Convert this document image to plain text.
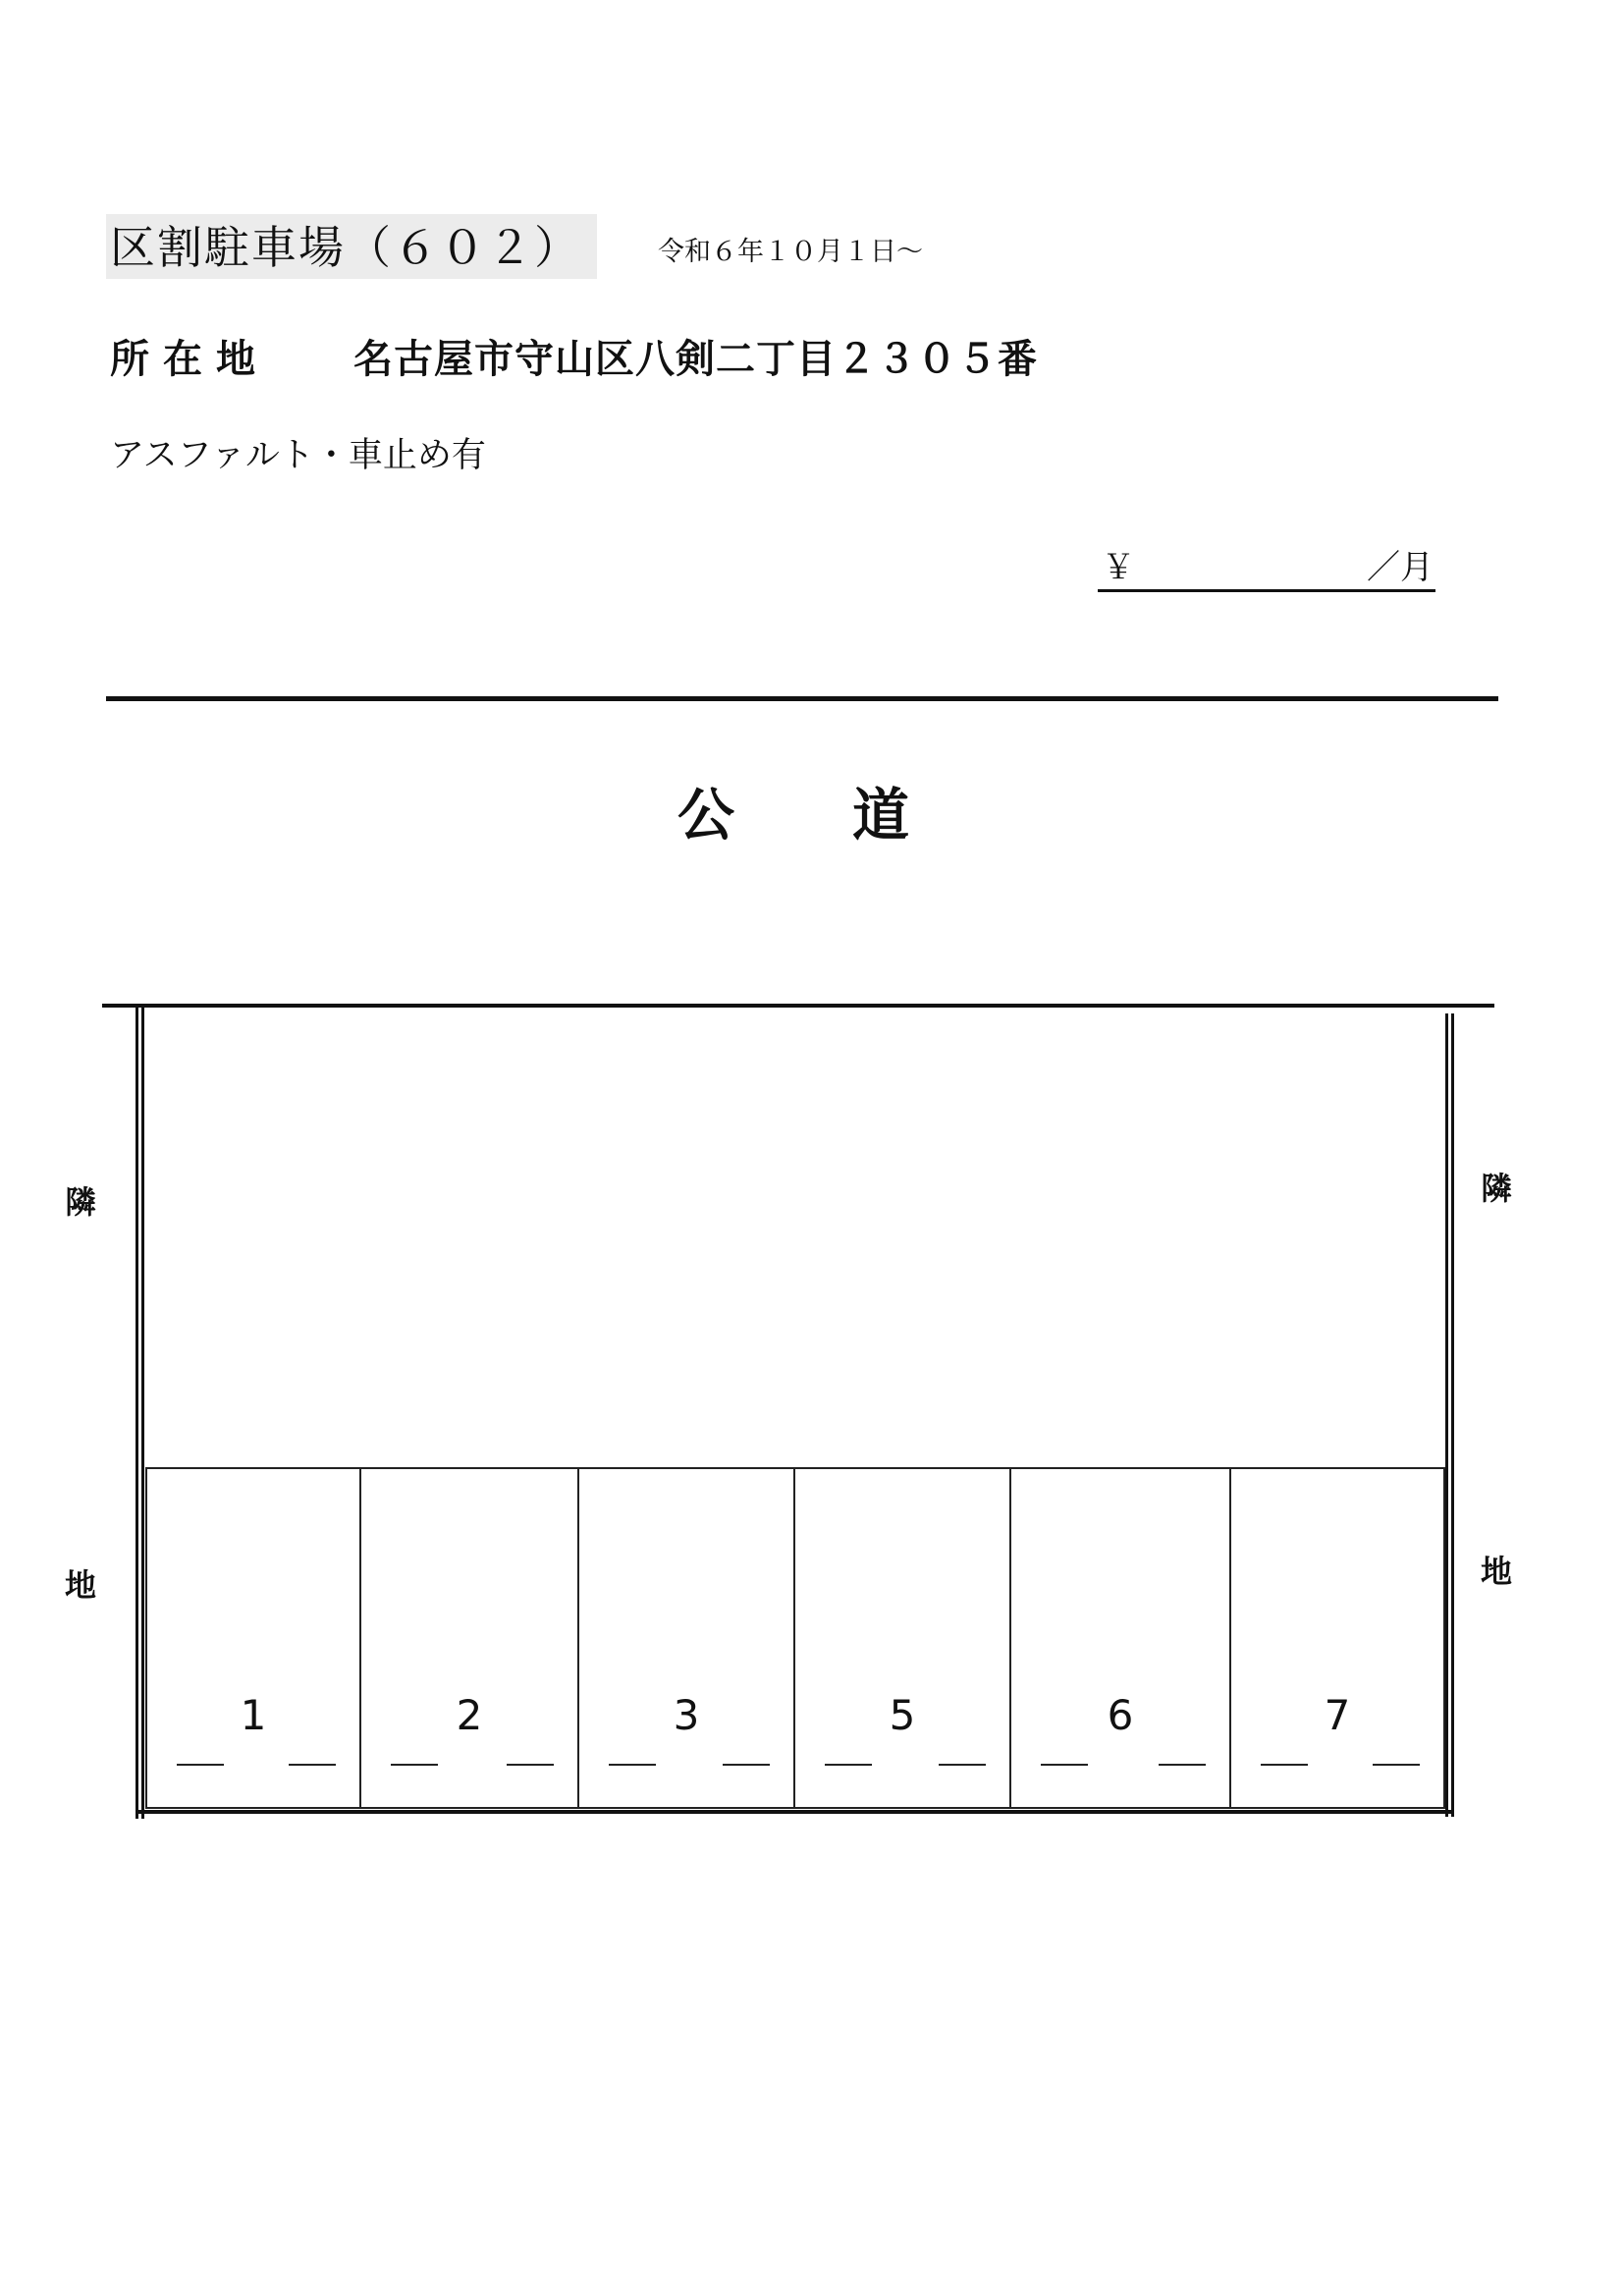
区割駐車場（６０２）	令和６年１０月１日～
所在地 名古屋市守山区八剣二丁目２３０５番
アスファルト・車止め有
￥	／月
公道
隣
地
隣
地
1	2	3	5	6	7
